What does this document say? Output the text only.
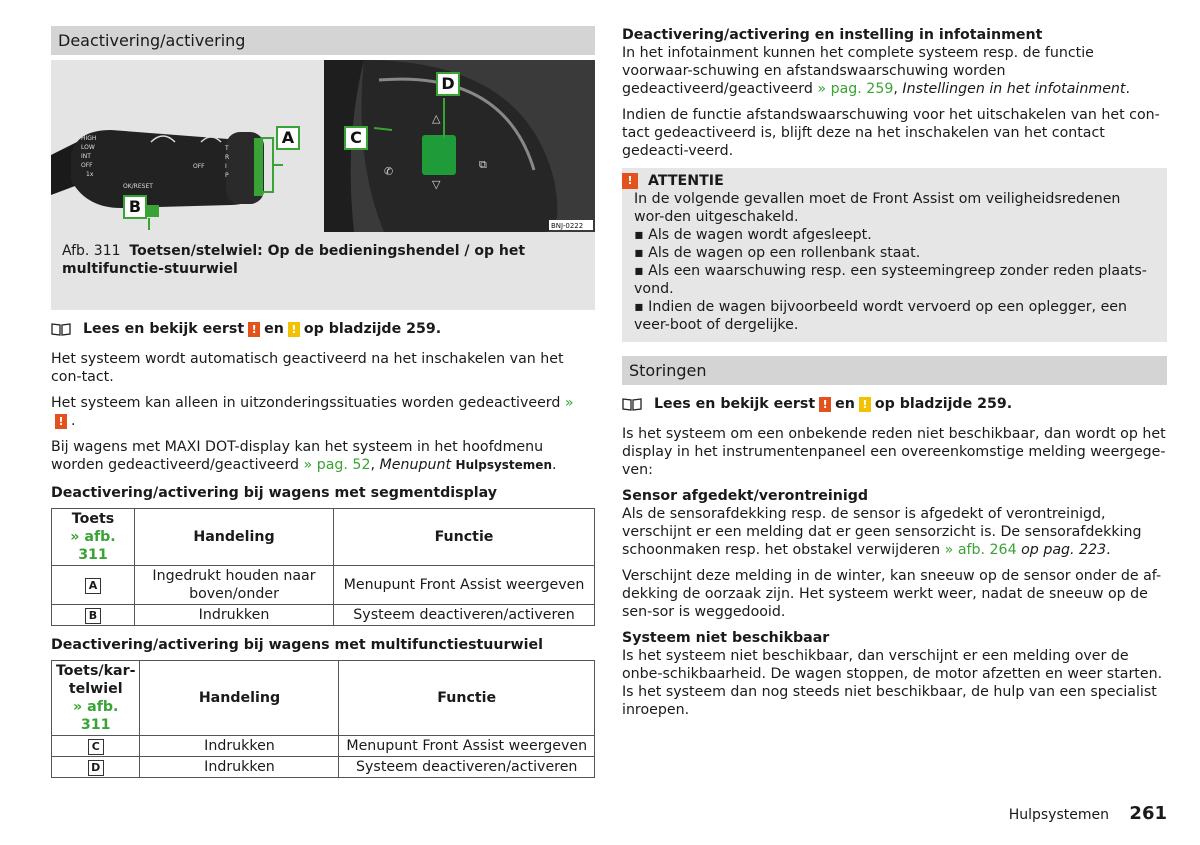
Deactivering/activering
HIGH
LOW
INT
OFF
1x
OK/RESET
OFF
T
R
I
P
A
B
△
▽
✆
⧉
BNJ-0222
C
D
Afb. 311 Toetsen/stelwiel: Op de bedieningshendel / op het multifunctie-stuurwiel
Lees en bekijk eerst ! en ! op bladzijde 259.

Het systeem wordt automatisch geactiveerd na het inschakelen van het con-tact.

Het systeem kan alleen in uitzonderingssituaties worden gedeactiveerd » ! .

Bij wagens met MAXI DOT-display kan het systeem in het hoofdmenu worden gedeactiveerd/geactiveerd » pag. 52, Menupunt Hulpsystemen.

Deactivering/activering bij wagens met segmentdisplay
Toets
» afb. 311	Handeling	Functie
A	Ingedrukt houden naar boven/onder	Menupunt Front Assist weergeven
B	Indrukken	Systeem deactiveren/activeren
Deactivering/activering bij wagens met multifunctiestuurwiel
Toets/kar-telwiel
» afb. 311	Handeling	Functie
C	Indrukken	Menupunt Front Assist weergeven
D	Indrukken	Systeem deactiveren/activeren
Deactivering/activering en instelling in infotainment

In het infotainment kunnen het complete systeem resp. de functie voorwaar-schuwing en afstandswaarschuwing worden gedeactiveerd/geactiveerd » pag. 259, Instellingen in het infotainment.

Indien de functie afstandswaarschuwing voor het uitschakelen van het con-tact gedeactiveerd is, blijft deze na het inschakelen van het contact gedeacti-veerd.

!	ATTENTIE
In de volgende gevallen moet de Front Assist om veiligheidsredenen wor-den uitgeschakeld.
▪ Als de wagen wordt afgesleept.
▪ Als de wagen op een rollenbank staat.
▪ Als een waarschuwing resp. een systeemingreep zonder reden plaats-vond.
▪ Indien de wagen bijvoorbeeld wordt vervoerd op een oplegger, een veer-boot of dergelijke.
Storingen
Lees en bekijk eerst ! en ! op bladzijde 259.

Is het systeem om een onbekende reden niet beschikbaar, dan wordt op het display in het instrumentenpaneel een overeenkomstige melding weergege-ven:

Sensor afgedekt/verontreinigd

Als de sensorafdekking resp. de sensor is afgedekt of verontreinigd, verschijnt er een melding dat er geen sensorzicht is. De sensorafdekking schoonmaken resp. het obstakel verwijderen » afb. 264 op pag. 223.

Verschijnt deze melding in de winter, kan sneeuw op de sensor onder de af-dekking de oorzaak zijn. Het systeem werkt weer, nadat de sneeuw op de sen-sor is weggedooid.

Systeem niet beschikbaar

Is het systeem niet beschikbaar, dan verschijnt er een melding over de onbe-schikbaarheid. De wagen stoppen, de motor afzetten en weer starten. Is het systeem dan nog steeds niet beschikbaar, de hulp van een specialist inroepen.

Hulpsystemen 261
